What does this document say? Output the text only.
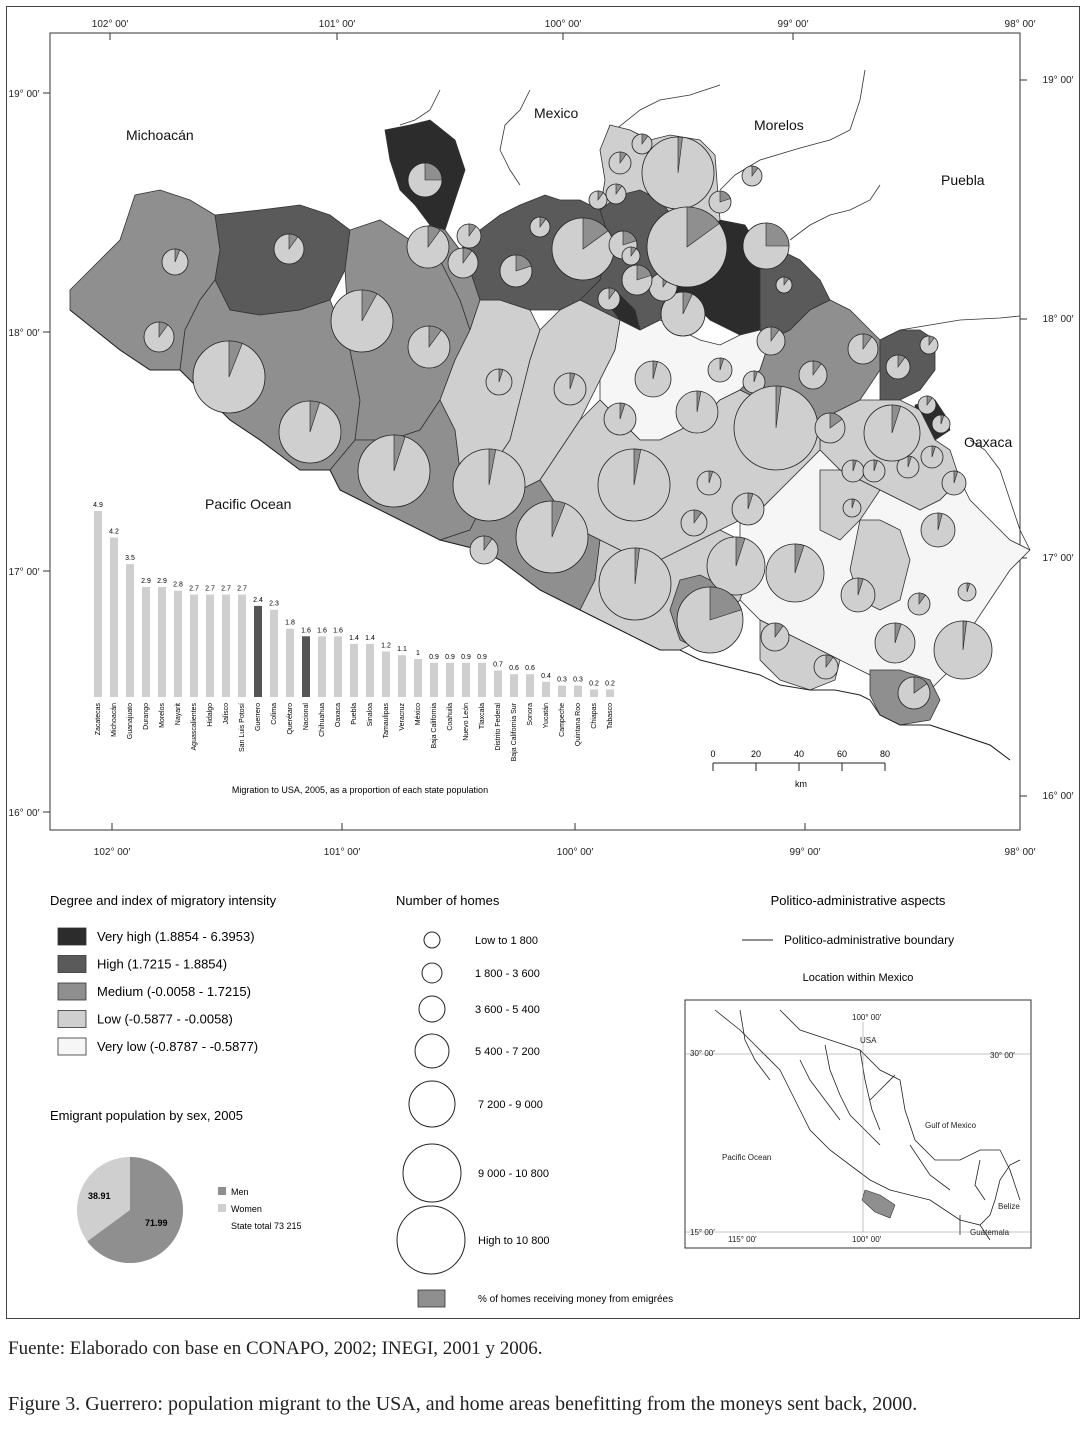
102° 00′	101° 00′	100° 00′	99° 00′	98° 00′
102° 00′	101° 00′	100° 00′	99° 00′	98° 00′
19° 00′
18° 00′
17° 00′
16° 00′
19° 00′
18° 00′
17° 00′
16° 00′
Michoacán
Mexico
Morelos
Puebla
Oaxaca
Pacific Ocean
4.9
Zacatecas
4.2
Michoacán
3.5
Guanajuato
2.9
Durango
2.9
Morelos
2.8
Nayarit
2.7
Aguascalientes
2.7
Hidalgo
2.7
Jalisco
2.7
San Luis Potosí
2.4
Guerrero
2.3
Colima
1.8
Querétaro
1.6
Nacional
1.6
Chihuahua
1.6
Oaxaca
1.4
Puebla
1.4
Sinaloa
1.2
Tamaulipas
1.1
Veracruz
1
México
0.9
Baja California
0.9
Coahuila
0.9
Nuevo León
0.9
Tlaxcala
0.7
Distrito Federal
0.6
Baja California Sur
0.6
Sonora
0.4
Yucatán
0.3
Campeche
0.3
Quintana Roo
0.2
Chiapas
0.2
Tabasco
Migration to USA, 2005, as a proportion of each state population
0	20	40	60	80
km
Degree and index of migratory intensity
Very high (1.8854 - 6.3953)
High (1.7215 - 1.8854)
Medium (-0.0058 - 1.7215)
Low (-0.5877 - -0.0058)
Very low (-0.8787 - -0.5877)
Number of homes
Low to 1 800
1 800 - 3 600
3 600 - 5 400
5 400 - 7 200
7 200 - 9 000
9 000 - 10 800
High to 10 800
% of homes receiving money from emigrées
Politico-administrative aspects
Politico-administrative boundary
Location within Mexico
100° 00′
30° 00′	30° 00′
15° 00′
115° 00′	100° 00′
USA
Gulf of Mexico
Pacific Ocean
Belize
Guatemala
Emigrant population by sex, 2005
38.91
71.99
Men
Women
State total 73 215
Fuente: Elaborado con base en CONAPO, 2002; INEGI, 2001 y 2006.
Figure 3. Guerrero: population migrant to the USA, and home areas benefitting from the moneys sent back, 2000.
